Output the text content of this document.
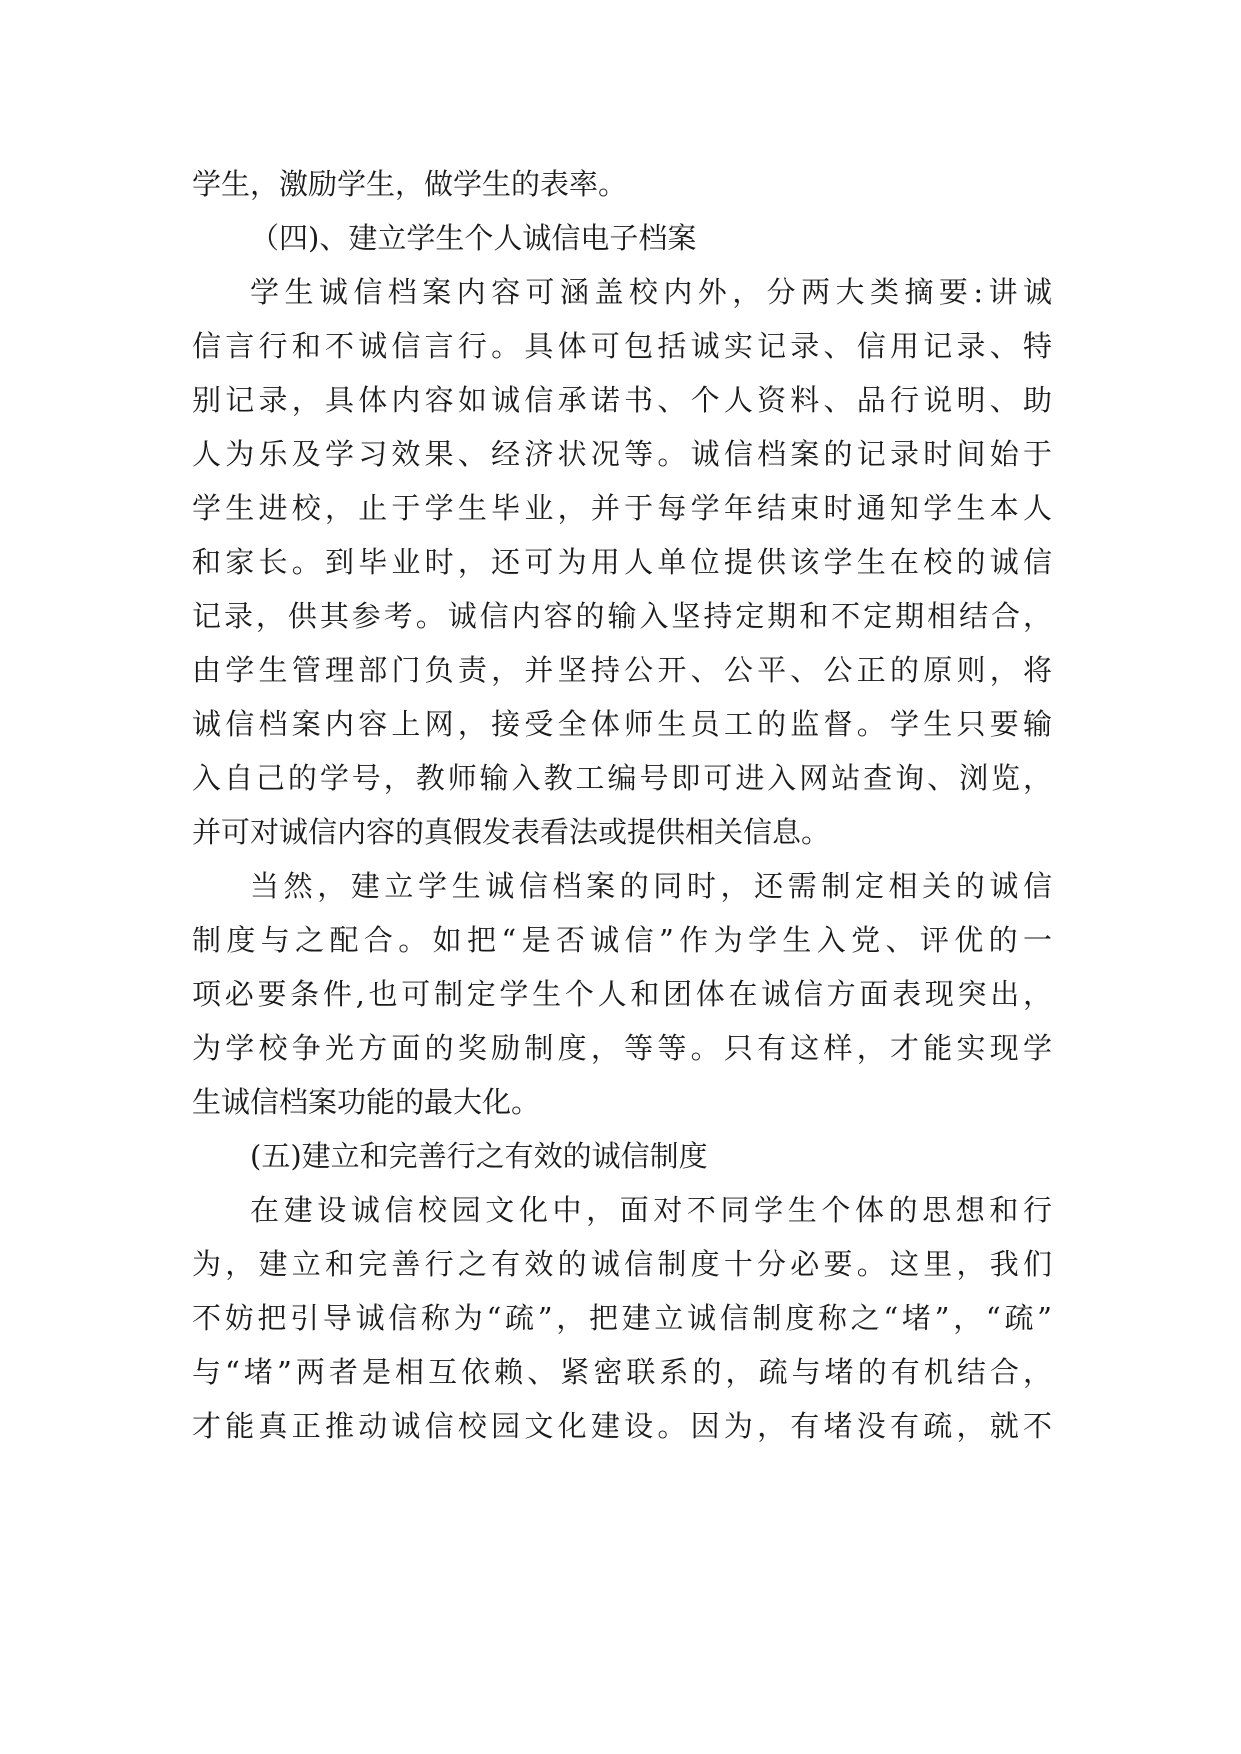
学生，激励学生，做学生的表率。
（四)、建立学生个人诚信电子档案
学生诚信档案内容可涵盖校内外，分两大类摘要:讲诚
信言行和不诚信言行。具体可包括诚实记录、信用记录、特
别记录，具体内容如诚信承诺书、个人资料、品行说明、助
人为乐及学习效果、经济状况等。诚信档案的记录时间始于
学生进校，止于学生毕业，并于每学年结束时通知学生本人
和家长。到毕业时，还可为用人单位提供该学生在校的诚信
记录，供其参考。诚信内容的输入坚持定期和不定期相结合，
由学生管理部门负责，并坚持公开、公平、公正的原则，将
诚信档案内容上网，接受全体师生员工的监督。学生只要输
入自己的学号，教师输入教工编号即可进入网站查询、浏览，
并可对诚信内容的真假发表看法或提供相关信息。
当然，建立学生诚信档案的同时，还需制定相关的诚信
制度与之配合。如把“是否诚信”作为学生入党、评优的一
项必要条件,也可制定学生个人和团体在诚信方面表现突出，
为学校争光方面的奖励制度，等等。只有这样，才能实现学
生诚信档案功能的最大化。
(五)建立和完善行之有效的诚信制度
在建设诚信校园文化中，面对不同学生个体的思想和行
为，建立和完善行之有效的诚信制度十分必要。这里，我们
不妨把引导诚信称为“疏”，把建立诚信制度称之“堵”，“疏”
与“堵”两者是相互依赖、紧密联系的，疏与堵的有机结合，
才能真正推动诚信校园文化建设。因为，有堵没有疏，就不
